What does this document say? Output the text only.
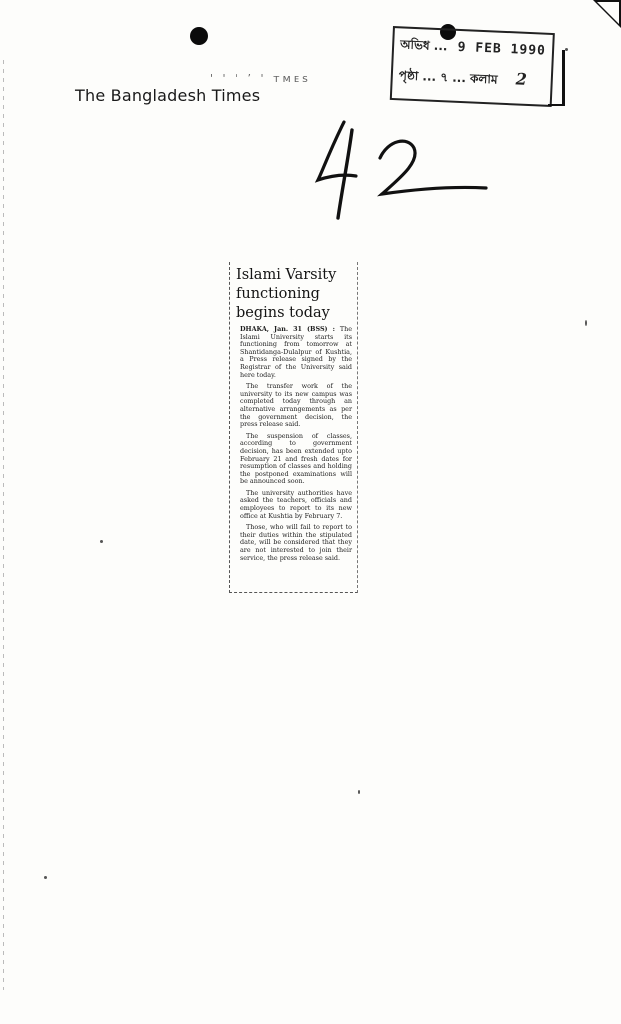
' ' ˈ ’ ' ᴛᴍᴇs
The Bangladesh Times
অভিধ ... 9 FEB 1990
পৃষ্ঠা ... ৭ ... কলাম 2
Islami Varsity
functioning
begins today

DHAKA, Jan. 31 (BSS) : The Islami University starts its functioning from tomorrow at Shantidanga-Dulalpur of Kushtia, a Press release signed by the Registrar of the University said here today.

The transfer work of the university to its new campus was completed today through an alternative arrangements as per the government decision, the press release said.

The suspension of classes, according to government decision, has been extended upto February 21 and fresh dates for resumption of classes and holding the postponed examinations will be announced soon.

The university authorities have asked the teachers, officials and employees to report to its new office at Kushtia by February 7.

Those, who will fail to report to their duties within the stipulated date, will be considered that they are not interested to join their service, the press release said.
